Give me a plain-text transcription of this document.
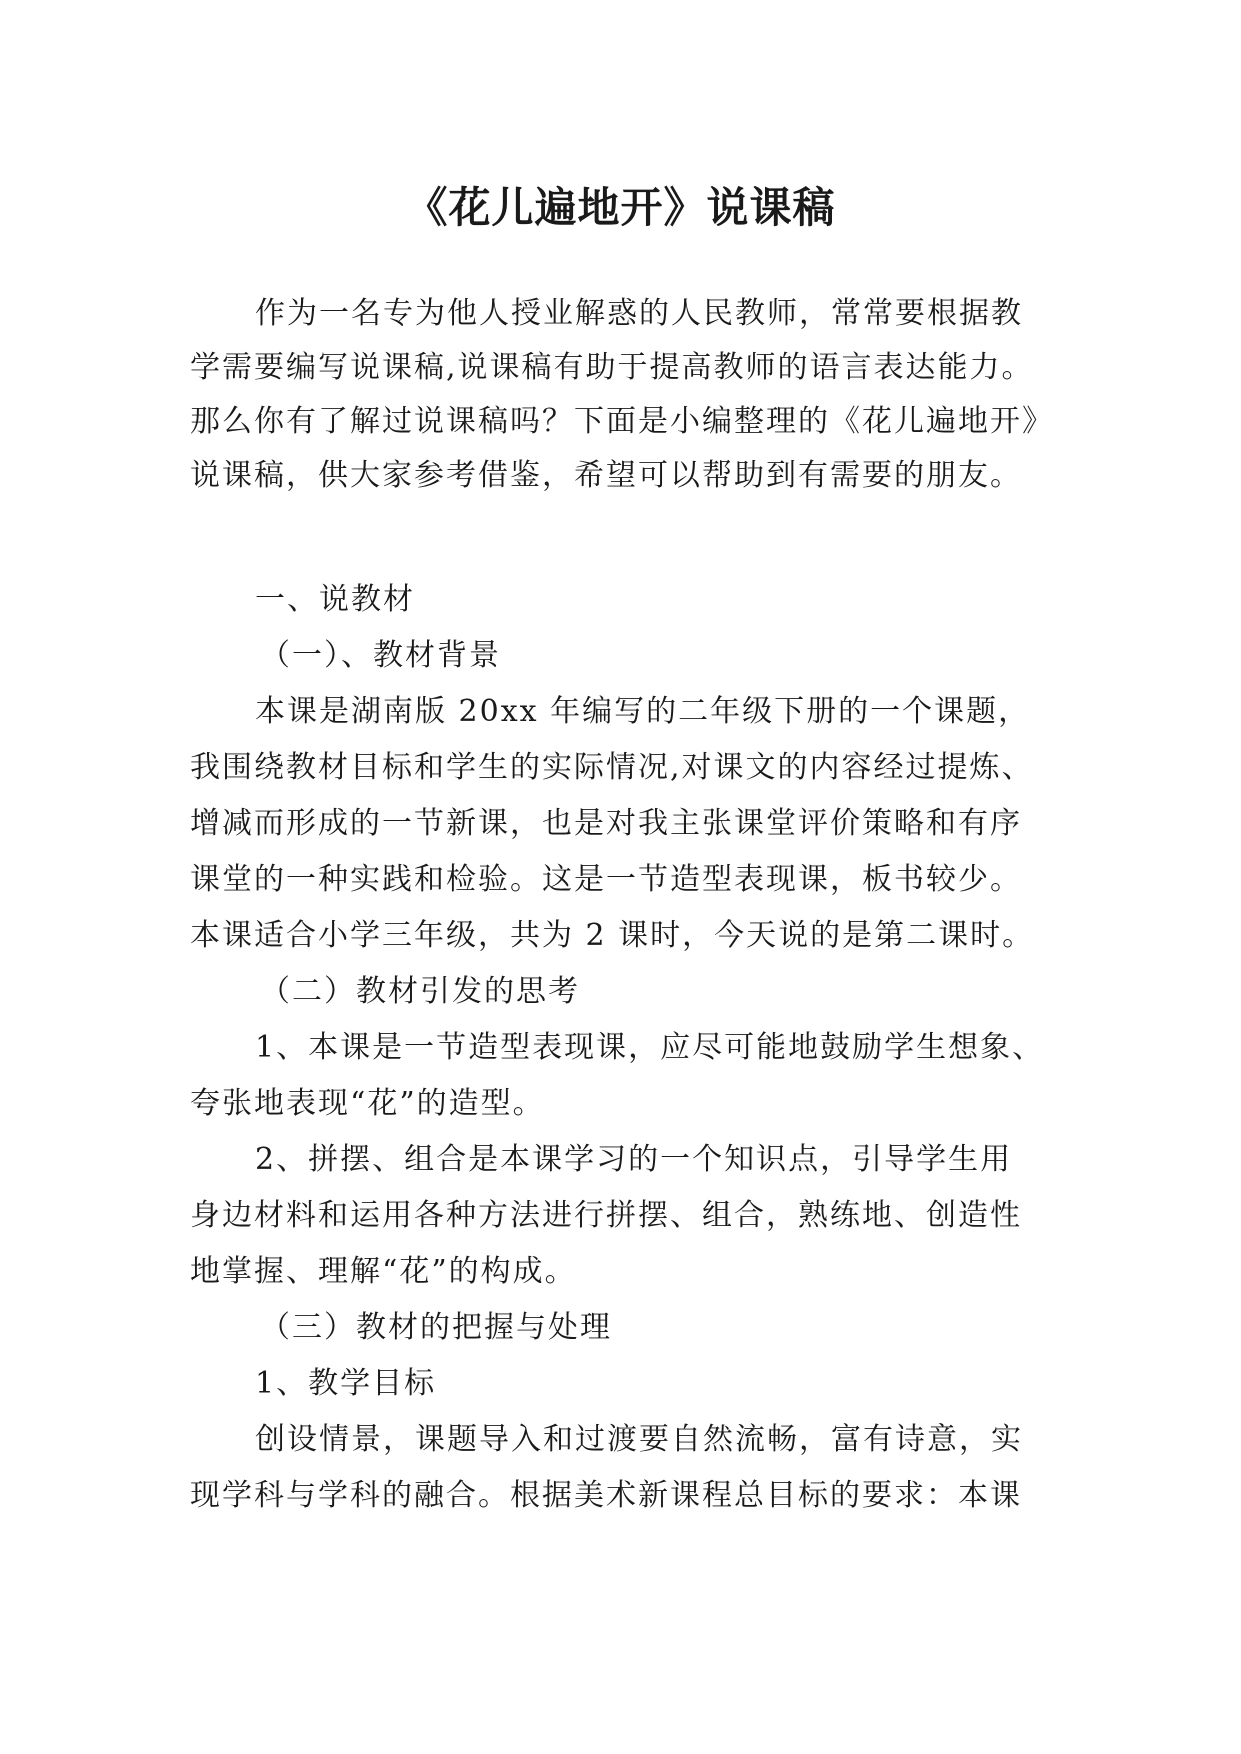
《花儿遍地开》说课稿

作为一名专为他人授业解惑的人民教师，常常要根据教

学需要编写说课稿,说课稿有助于提高教师的语言表达能力。

那么你有了解过说课稿吗？下面是小编整理的《花儿遍地开》

说课稿，供大家参考借鉴，希望可以帮助到有需要的朋友。

一、说教材

（一）、教材背景

本课是湖南版 20xx 年编写的二年级下册的一个课题，

我围绕教材目标和学生的实际情况,对课文的内容经过提炼、

增减而形成的一节新课，也是对我主张课堂评价策略和有序

课堂的一种实践和检验。这是一节造型表现课，板书较少。

本课适合小学三年级，共为 2 课时，今天说的是第二课时。

（二）教材引发的思考

1、本课是一节造型表现课，应尽可能地鼓励学生想象、

夸张地表现“花”的造型。

2、拼摆、组合是本课学习的一个知识点，引导学生用

身边材料和运用各种方法进行拼摆、组合，熟练地、创造性

地掌握、理解“花”的构成。

（三）教材的把握与处理

1、教学目标

创设情景，课题导入和过渡要自然流畅，富有诗意，实

现学科与学科的融合。根据美术新课程总目标的要求：本课
